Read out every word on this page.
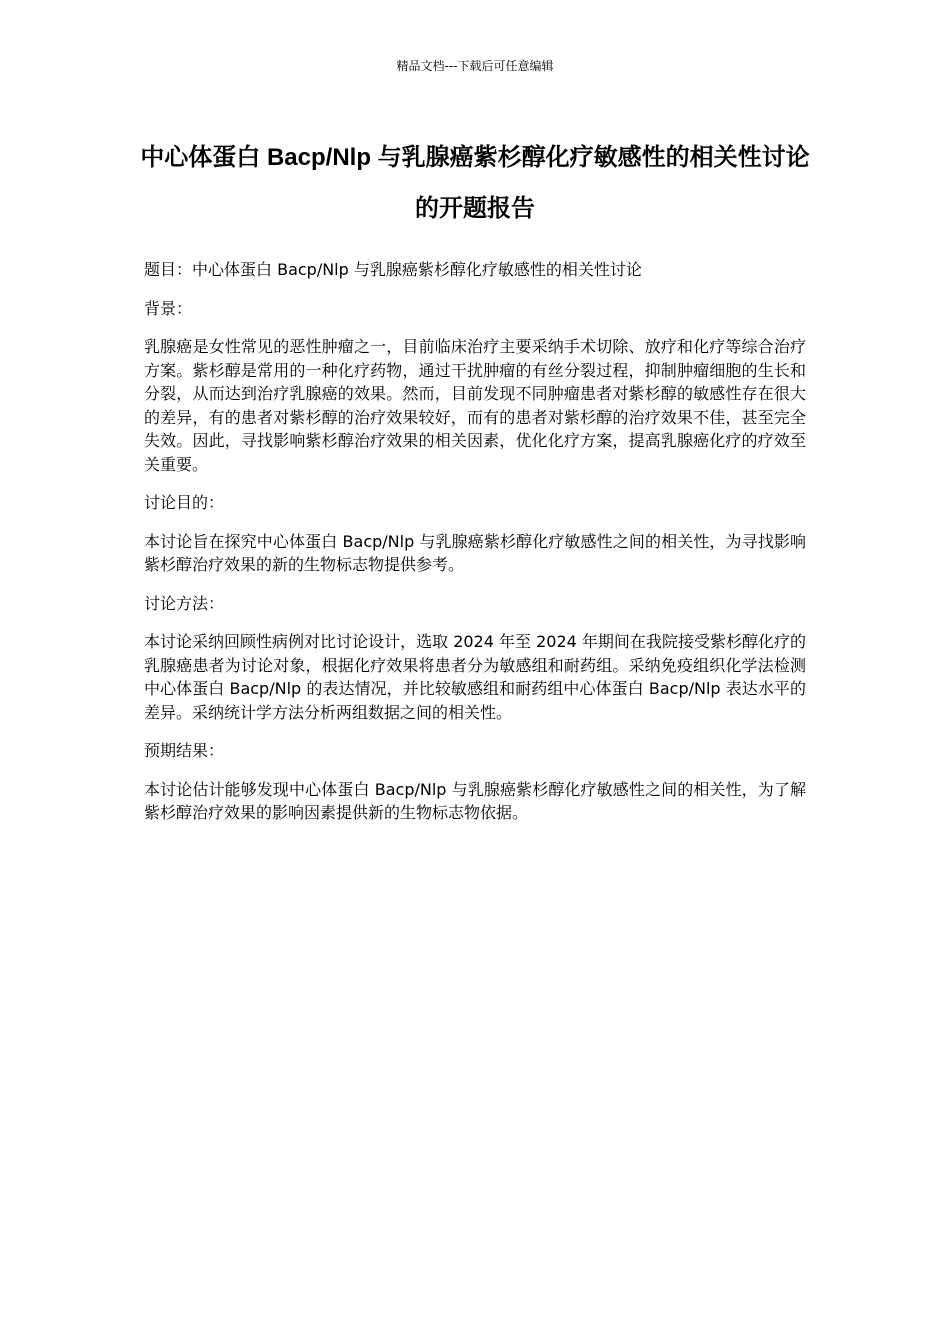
精品文档---下载后可任意编辑
中心体蛋白 Bacp/Nlp 与乳腺癌紫杉醇化疗敏感性的相关性讨论的开题报告

题目：中心体蛋白 Bacp/Nlp 与乳腺癌紫杉醇化疗敏感性的相关性讨论

背景：

乳腺癌是女性常见的恶性肿瘤之一，目前临床治疗主要采纳手术切除、放疗和化疗等综合治疗方案。紫杉醇是常用的一种化疗药物，通过干扰肿瘤的有丝分裂过程，抑制肿瘤细胞的生长和分裂，从而达到治疗乳腺癌的效果。然而，目前发现不同肿瘤患者对紫杉醇的敏感性存在很大的差异，有的患者对紫杉醇的治疗效果较好，而有的患者对紫杉醇的治疗效果不佳，甚至完全失效。因此，寻找影响紫杉醇治疗效果的相关因素，优化化疗方案，提高乳腺癌化疗的疗效至关重要。

讨论目的：

本讨论旨在探究中心体蛋白 Bacp/Nlp 与乳腺癌紫杉醇化疗敏感性之间的相关性，为寻找影响紫杉醇治疗效果的新的生物标志物提供参考。

讨论方法：

本讨论采纳回顾性病例对比讨论设计，选取 2024 年至 2024 年期间在我院接受紫杉醇化疗的乳腺癌患者为讨论对象，根据化疗效果将患者分为敏感组和耐药组。采纳免疫组织化学法检测中心体蛋白 Bacp/Nlp 的表达情况，并比较敏感组和耐药组中心体蛋白 Bacp/Nlp 表达水平的差异。采纳统计学方法分析两组数据之间的相关性。

预期结果：

本讨论估计能够发现中心体蛋白 Bacp/Nlp 与乳腺癌紫杉醇化疗敏感性之间的相关性，为了解紫杉醇治疗效果的影响因素提供新的生物标志物依据。
